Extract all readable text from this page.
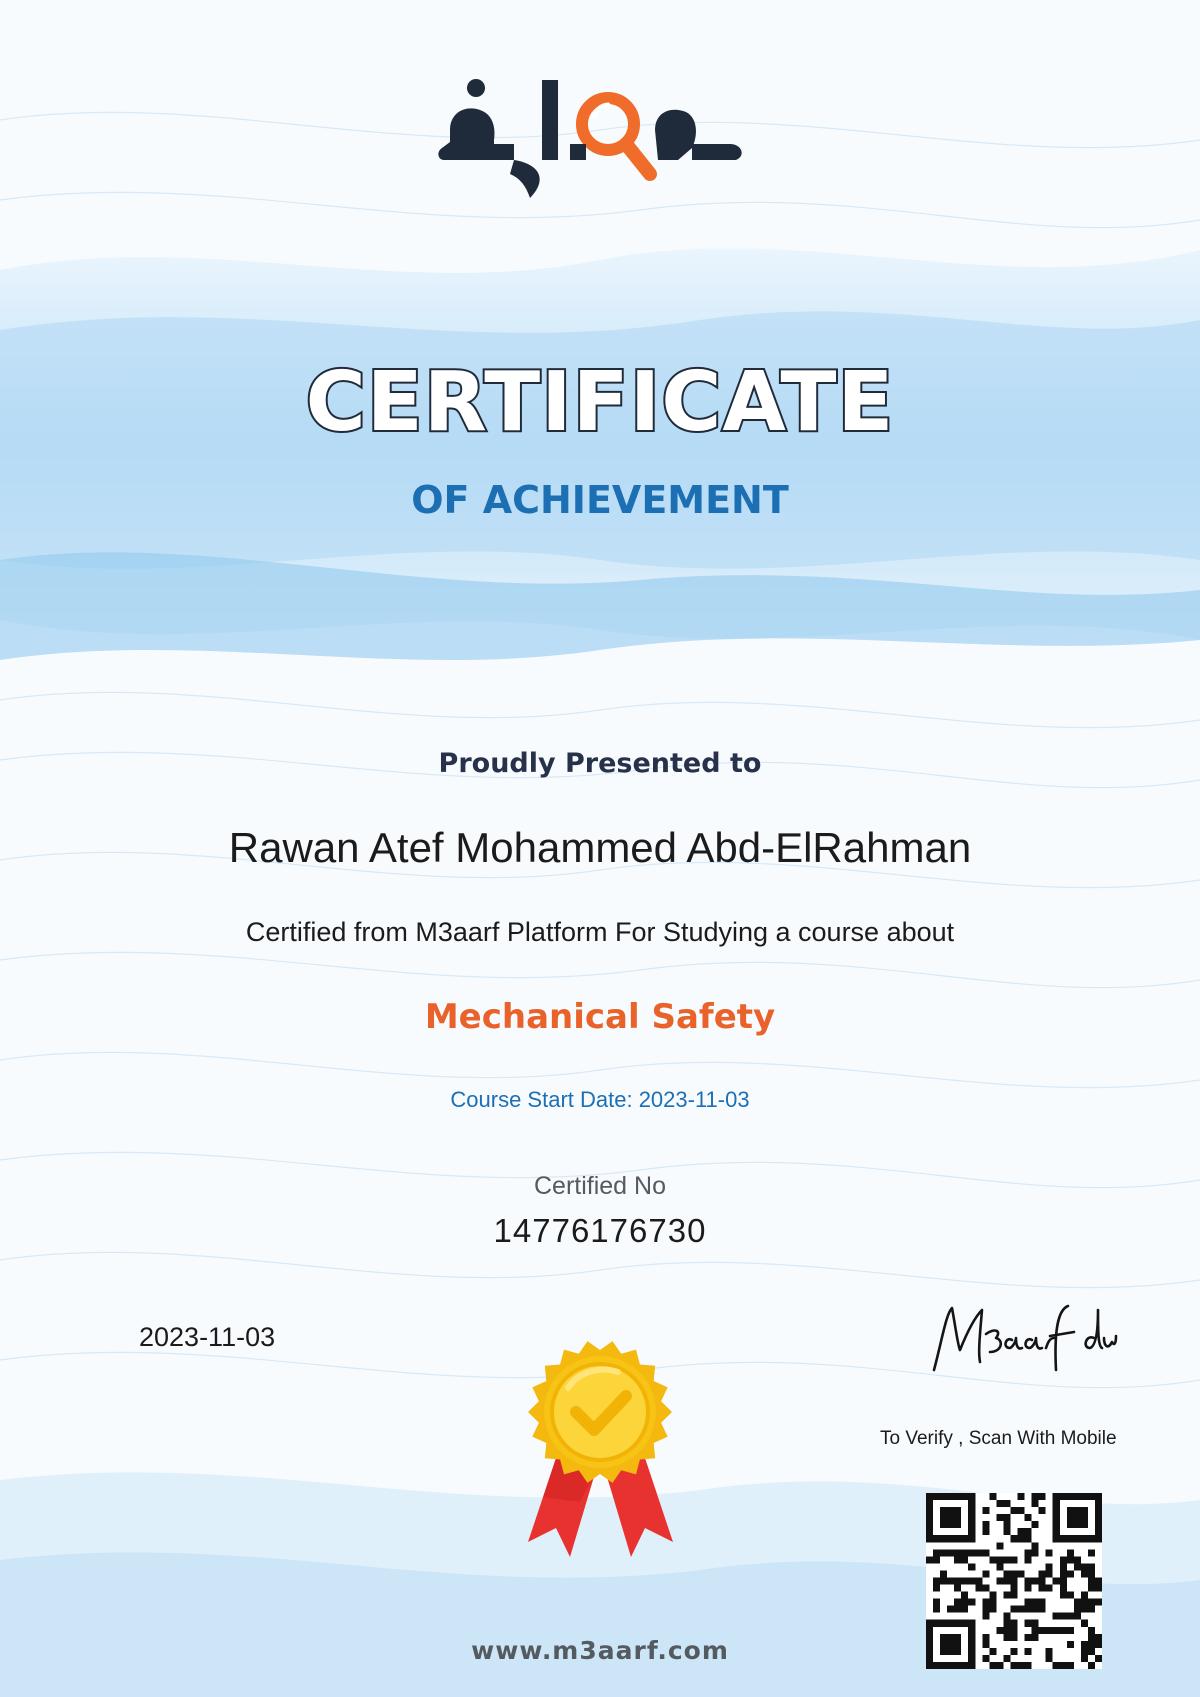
CERTIFICATE
OF ACHIEVEMENT
Proudly Presented to
Rawan Atef Mohammed Abd-ElRahman
Certified from M3aarf Platform For Studying a course about
Mechanical Safety
Course Start Date: 2023-11-03
Certified No
14776176730
2023-11-03
To Verify , Scan With Mobile
www.m3aarf.com
